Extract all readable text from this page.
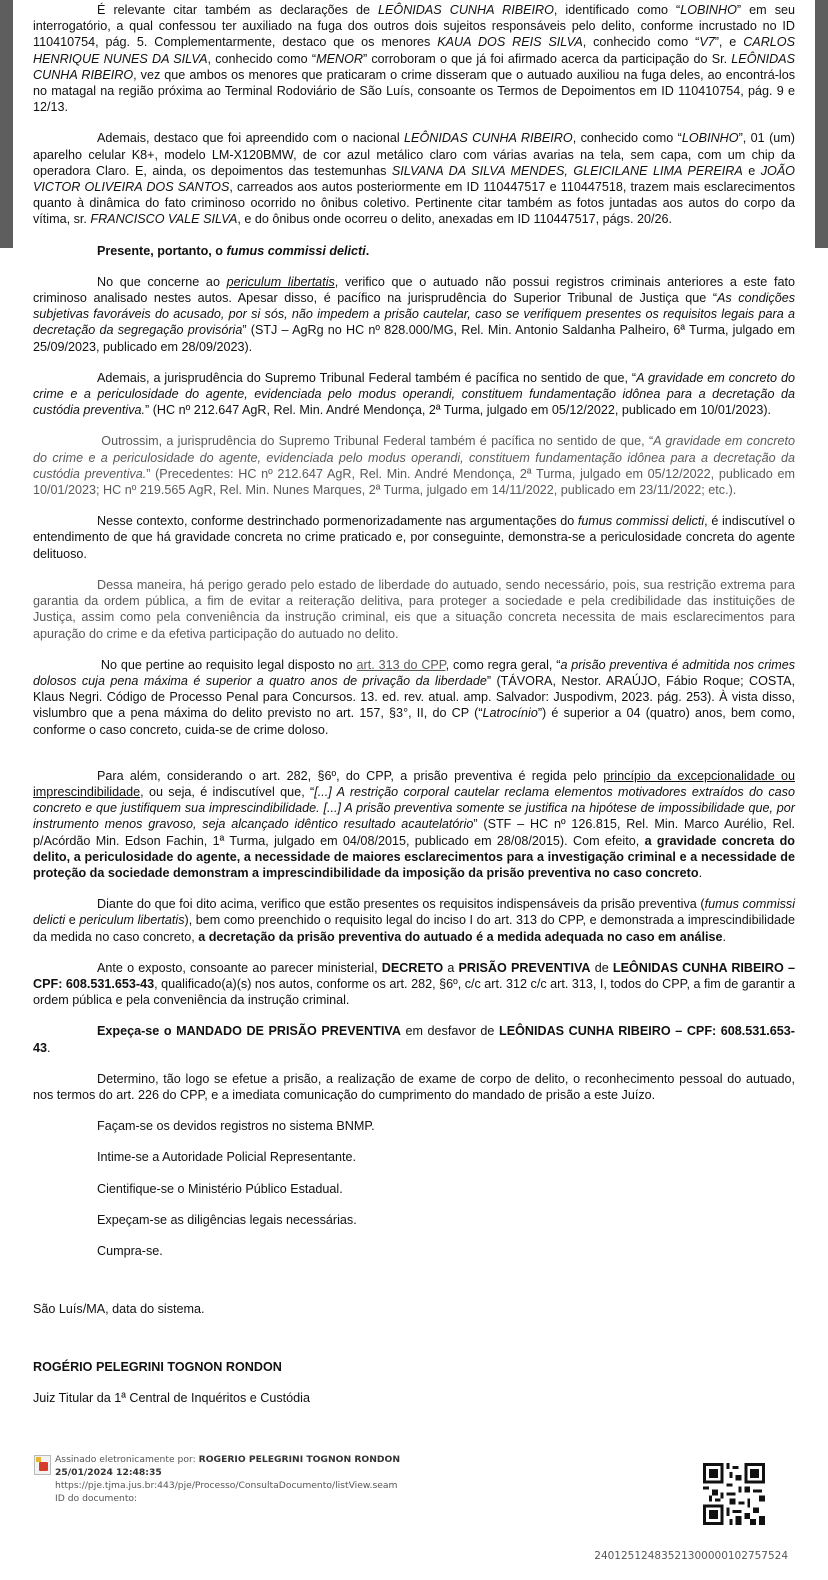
É relevante citar também as declarações de LEÔNIDAS CUNHA RIBEIRO, identificado como “LOBINHO” em seu interrogatório, a qual confessou ter auxiliado na fuga dos outros dois sujeitos responsáveis pelo delito, conforme incrustado no ID 110410754, pág. 5. Complementarmente, destaco que os menores KAUA DOS REIS SILVA, conhecido como “V7”, e CARLOS HENRIQUE NUNES DA SILVA, conhecido como “MENOR” corroboram o que já foi afirmado acerca da participação do Sr. LEÔNIDAS CUNHA RIBEIRO, vez que ambos os menores que praticaram o crime disseram que o autuado auxiliou na fuga deles, ao encontrá-los no matagal na região próxima ao Terminal Rodoviário de São Luís, consoante os Termos de Depoimentos em ID 110410754, pág. 9 e 12/13.

Ademais, destaco que foi apreendido com o nacional LEÔNIDAS CUNHA RIBEIRO, conhecido como “LOBINHO”, 01 (um) aparelho celular K8+, modelo LM-X120BMW, de cor azul metálico claro com várias avarias na tela, sem capa, com um chip da operadora Claro. E, ainda, os depoimentos das testemunhas SILVANA DA SILVA MENDES, GLEICILANE LIMA PEREIRA e JOÃO VICTOR OLIVEIRA DOS SANTOS, carreados aos autos posteriormente em ID 110447517 e 110447518, trazem mais esclarecimentos quanto à dinâmica do fato criminoso ocorrido no ônibus coletivo. Pertinente citar também as fotos juntadas aos autos do corpo da vítima, sr. FRANCISCO VALE SILVA, e do ônibus onde ocorreu o delito, anexadas em ID 110447517, págs. 20/26.

Presente, portanto, o fumus commissi delicti.

No que concerne ao periculum libertatis, verifico que o autuado não possui registros criminais anteriores a este fato criminoso analisado nestes autos. Apesar disso, é pacífico na jurisprudência do Superior Tribunal de Justiça que “As condições subjetivas favoráveis do acusado, por si sós, não impedem a prisão cautelar, caso se verifiquem presentes os requisitos legais para a decretação da segregação provisória” (STJ – AgRg no HC nº 828.000/MG, Rel. Min. Antonio Saldanha Palheiro, 6ª Turma, julgado em 25/09/2023, publicado em 28/09/2023).

Ademais, a jurisprudência do Supremo Tribunal Federal também é pacífica no sentido de que, “A gravidade em concreto do crime e a periculosidade do agente, evidenciada pelo modus operandi, constituem fundamentação idônea para a decretação da custódia preventiva.” (HC nº 212.647 AgR, Rel. Min. André Mendonça, 2ª Turma, julgado em 05/12/2022, publicado em 10/01/2023).

Outrossim, a jurisprudência do Supremo Tribunal Federal também é pacífica no sentido de que, “A gravidade em concreto do crime e a periculosidade do agente, evidenciada pelo modus operandi, constituem fundamentação idônea para a decretação da custódia preventiva.” (Precedentes: HC nº 212.647 AgR, Rel. Min. André Mendonça, 2ª Turma, julgado em 05/12/2022, publicado em 10/01/2023; HC nº 219.565 AgR, Rel. Min. Nunes Marques, 2ª Turma, julgado em 14/11/2022, publicado em 23/11/2022; etc.).

Nesse contexto, conforme destrinchado pormenorizadamente nas argumentações do fumus commissi delicti, é indiscutível o entendimento de que há gravidade concreta no crime praticado e, por conseguinte, demonstra-se a periculosidade concreta do agente delituoso.

Dessa maneira, há perigo gerado pelo estado de liberdade do autuado, sendo necessário, pois, sua restrição extrema para garantia da ordem pública, a fim de evitar a reiteração delitiva, para proteger a sociedade e pela credibilidade das instituições de Justiça, assim como pela conveniência da instrução criminal, eis que a situação concreta necessita de mais esclarecimentos para apuração do crime e da efetiva participação do autuado no delito.

No que pertine ao requisito legal disposto no art. 313 do CPP, como regra geral, “a prisão preventiva é admitida nos crimes dolosos cuja pena máxima é superior a quatro anos de privação da liberdade” (TÁVORA, Nestor. ARAÚJO, Fábio Roque; COSTA, Klaus Negri. Código de Processo Penal para Concursos. 13. ed. rev. atual. amp. Salvador: Juspodivm, 2023. pág. 253). À vista disso, vislumbro que a pena máxima do delito previsto no art. 157, §3°, II, do CP (“Latrocínio”) é superior a 04 (quatro) anos, bem como, conforme o caso concreto, cuida-se de crime doloso.

Para além, considerando o art. 282, §6º, do CPP, a prisão preventiva é regida pelo princípio da excepcionalidade ou imprescindibilidade, ou seja, é indiscutível que, “[...] A restrição corporal cautelar reclama elementos motivadores extraídos do caso concreto e que justifiquem sua imprescindibilidade. [...] A prisão preventiva somente se justifica na hipótese de impossibilidade que, por instrumento menos gravoso, seja alcançado idêntico resultado acautelatório” (STF – HC nº 126.815, Rel. Min. Marco Aurélio, Rel. p/Acórdão Min. Edson Fachin, 1ª Turma, julgado em 04/08/2015, publicado em 28/08/2015). Com efeito, a gravidade concreta do delito, a periculosidade do agente, a necessidade de maiores esclarecimentos para a investigação criminal e a necessidade de proteção da sociedade demonstram a imprescindibilidade da imposição da prisão preventiva no caso concreto.

Diante do que foi dito acima, verifico que estão presentes os requisitos indispensáveis da prisão preventiva (fumus commissi delicti e periculum libertatis), bem como preenchido o requisito legal do inciso I do art. 313 do CPP, e demonstrada a imprescindibilidade da medida no caso concreto, a decretação da prisão preventiva do autuado é a medida adequada no caso em análise.

Ante o exposto, consoante ao parecer ministerial, DECRETO a PRISÃO PREVENTIVA de LEÔNIDAS CUNHA RIBEIRO – CPF: 608.531.653-43, qualificado(a)(s) nos autos, conforme os art. 282, §6º, c/c art. 312 c/c art. 313, I, todos do CPP, a fim de garantir a ordem pública e pela conveniência da instrução criminal.

Expeça-se o MANDADO DE PRISÃO PREVENTIVA em desfavor de LEÔNIDAS CUNHA RIBEIRO – CPF: 608.531.653-43.

Determino, tão logo se efetue a prisão, a realização de exame de corpo de delito, o reconhecimento pessoal do autuado, nos termos do art. 226 do CPP, e a imediata comunicação do cumprimento do mandado de prisão a este Juízo.

Façam-se os devidos registros no sistema BNMP.

Intime-se a Autoridade Policial Representante.

Cientifique-se o Ministério Público Estadual.

Expeçam-se as diligências legais necessárias.

Cumpra-se.

São Luís/MA, data do sistema.

ROGÉRIO PELEGRINI TOGNON RONDON

Juiz Titular da 1ª Central de Inquéritos e Custódia

Assinado eletronicamente por: ROGERIO PELEGRINI TOGNON RONDON
25/01/2024 12:48:35
https://pje.tjma.jus.br:443/pje/Processo/ConsultaDocumento/listView.seam
ID do documento:
24012512483521300000102757524
